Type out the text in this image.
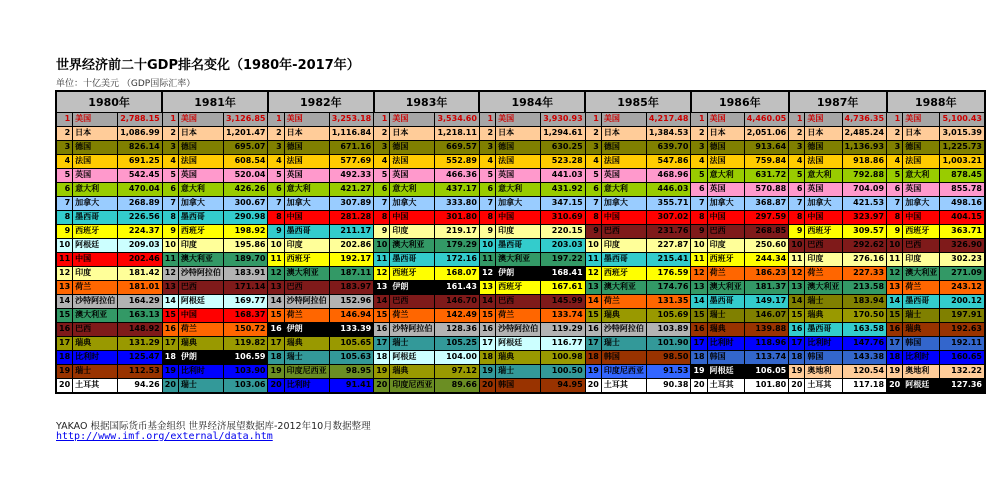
世界经济前二十GDP排名变化（1980年-2017年）
单位：十亿美元 （GDP国际汇率）
1980年			1981年			1982年			1983年			1984年			1985年			1986年			1987年			1988年		
1	美国	2,788.15	1	美国	3,126.85	1	美国	3,253.18	1	美国	3,534.60	1	美国	3,930.93	1	美国	4,217.48	1	美国	4,460.05	1	美国	4,736.35	1	美国	5,100.43
2	日本	1,086.99	2	日本	1,201.47	2	日本	1,116.84	2	日本	1,218.11	2	日本	1,294.61	2	日本	1,384.53	2	日本	2,051.06	2	日本	2,485.24	2	日本	3,015.39
3	德国	826.14	3	德国	695.07	3	德国	671.16	3	德国	669.57	3	德国	630.25	3	德国	639.70	3	德国	913.64	3	德国	1,136.93	3	德国	1,225.73
4	法国	691.25	4	法国	608.54	4	法国	577.69	4	法国	552.89	4	法国	523.28	4	法国	547.86	4	法国	759.84	4	法国	918.86	4	法国	1,003.21
5	英国	542.45	5	英国	520.04	5	英国	492.33	5	英国	466.36	5	英国	441.03	5	英国	468.96	5	意大利	631.72	5	意大利	792.88	5	意大利	878.45
6	意大利	470.04	6	意大利	426.26	6	意大利	421.27	6	意大利	437.17	6	意大利	431.92	6	意大利	446.03	6	英国	570.88	6	英国	704.09	6	英国	855.78
7	加拿大	268.89	7	加拿大	300.67	7	加拿大	307.89	7	加拿大	333.80	7	加拿大	347.15	7	加拿大	355.71	7	加拿大	368.87	7	加拿大	421.53	7	加拿大	498.16
8	墨西哥	226.56	8	墨西哥	290.98	8	中国	281.28	8	中国	301.80	8	中国	310.69	8	中国	307.02	8	中国	297.59	8	中国	323.97	8	中国	404.15
9	西班牙	224.37	9	西班牙	198.92	9	墨西哥	211.17	9	印度	219.17	9	印度	220.15	9	巴西	231.76	9	巴西	268.85	9	西班牙	309.57	9	西班牙	363.71
10	阿根廷	209.03	10	印度	195.86	10	印度	202.86	10	澳大利亚	179.29	10	墨西哥	203.03	10	印度	227.87	10	印度	250.60	10	巴西	292.62	10	巴西	326.90
11	中国	202.46	11	澳大利亚	189.70	11	西班牙	192.17	11	墨西哥	172.16	11	澳大利亚	197.22	11	墨西哥	215.41	11	西班牙	244.34	11	印度	276.16	11	印度	302.23
12	印度	181.42	12	沙特阿拉伯	183.91	12	澳大利亚	187.11	12	西班牙	168.07	12	伊朗	168.41	12	西班牙	176.59	12	荷兰	186.23	12	荷兰	227.33	12	澳大利亚	271.09
13	荷兰	181.01	13	巴西	171.14	13	巴西	183.97	13	伊朗	161.43	13	西班牙	167.61	13	澳大利亚	174.76	13	澳大利亚	181.37	13	澳大利亚	213.58	13	荷兰	243.12
14	沙特阿拉伯	164.29	14	阿根廷	169.77	14	沙特阿拉伯	152.96	14	巴西	146.70	14	巴西	145.99	14	荷兰	131.35	14	墨西哥	149.17	14	瑞士	183.94	14	墨西哥	200.12
15	澳大利亚	163.13	15	中国	168.37	15	荷兰	146.94	15	荷兰	142.49	15	荷兰	133.74	15	瑞典	105.69	15	瑞士	146.07	15	瑞典	170.50	15	瑞士	197.91
16	巴西	148.92	16	荷兰	150.72	16	伊朗	133.39	16	沙特阿拉伯	128.36	16	沙特阿拉伯	119.29	16	沙特阿拉伯	103.89	16	瑞典	139.88	16	墨西哥	163.58	16	瑞典	192.63
17	瑞典	131.29	17	瑞典	119.82	17	瑞典	105.65	17	瑞士	105.25	17	阿根廷	116.77	17	瑞士	101.90	17	比利时	118.96	17	比利时	147.76	17	韩国	192.11
18	比利时	125.47	18	伊朗	106.59	18	瑞士	105.63	18	阿根廷	104.00	18	瑞典	100.98	18	韩国	98.50	18	韩国	113.74	18	韩国	143.38	18	比利时	160.65
19	瑞士	112.53	19	比利时	103.90	19	印度尼西亚	98.95	19	瑞典	97.12	19	瑞士	100.50	19	印度尼西亚	91.53	19	阿根廷	106.05	19	奥地利	120.54	19	奥地利	132.22
20	土耳其	94.26	20	瑞士	103.06	20	比利时	91.41	20	印度尼西亚	89.66	20	韩国	94.95	20	土耳其	90.38	20	土耳其	101.80	20	土耳其	117.18	20	阿根廷	127.36
YAKAO 根据国际货币基金组织 世界经济展望数据库-2012年10月数据整理
http://www.imf.org/external/data.htm
